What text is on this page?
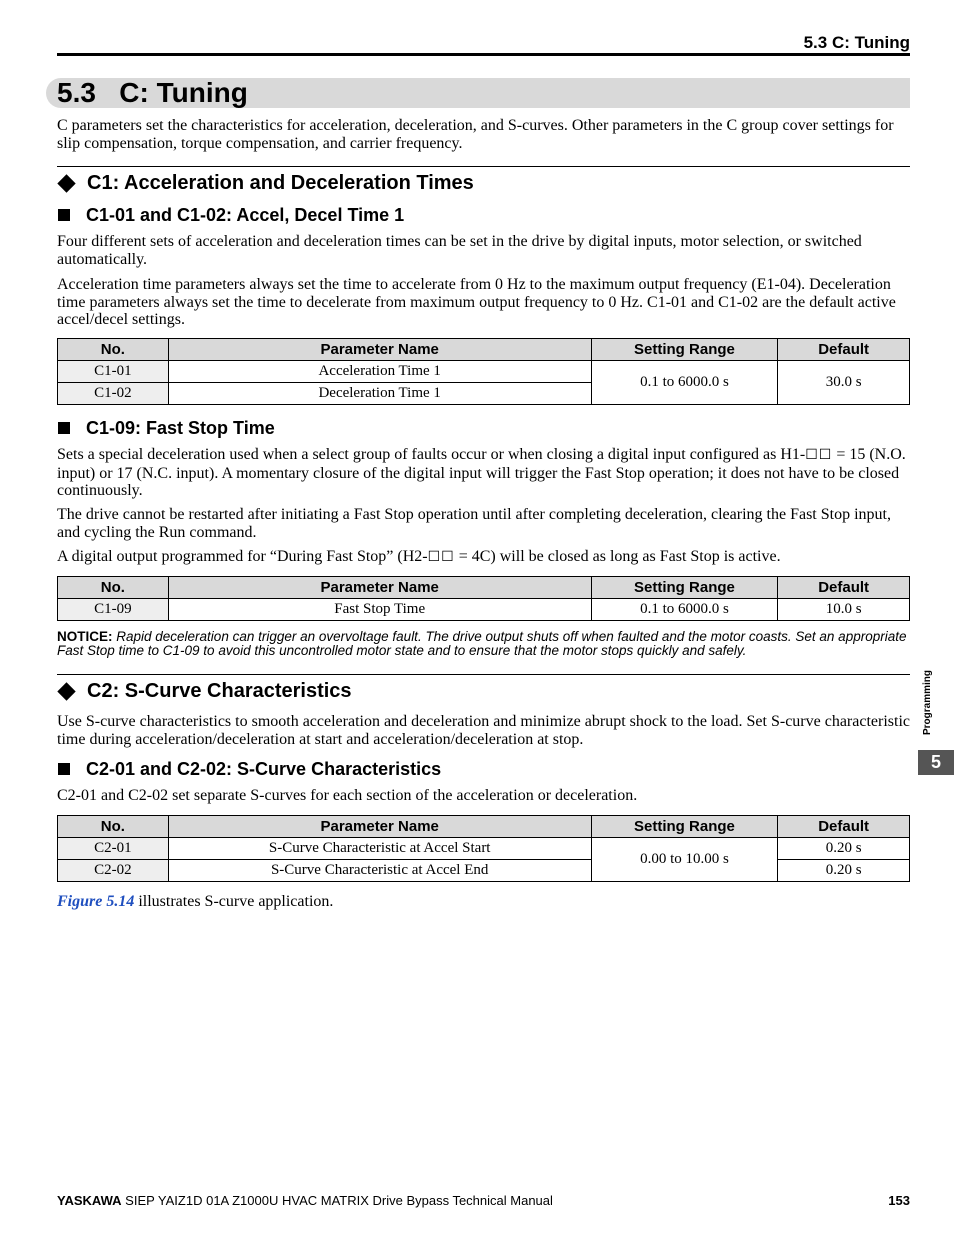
5.3 C: Tuning
5.3 C: Tuning
C parameters set the characteristics for acceleration, deceleration, and S-curves. Other parameters in the C group cover settings for slip compensation, torque compensation, and carrier frequency.
C1: Acceleration and Deceleration Times
C1-01 and C1-02: Accel, Decel Time 1
Four different sets of acceleration and deceleration times can be set in the drive by digital inputs, motor selection, or switched automatically.
Acceleration time parameters always set the time to accelerate from 0 Hz to the maximum output frequency (E1-04). Deceleration time parameters always set the time to decelerate from maximum output frequency to 0 Hz. C1-01 and C1-02 are the default active accel/decel settings.
No.	Parameter Name	Setting Range	Default
C1-01	Acceleration Time 1	0.1 to 6000.0 s	30.0 s
C1-02	Deceleration Time 1		
C1-09: Fast Stop Time
Sets a special deceleration used when a select group of faults occur or when closing a digital input configured as H1-☐☐ = 15 (N.O. input) or 17 (N.C. input). A momentary closure of the digital input will trigger the Fast Stop operation; it does not have to be closed continuously.
The drive cannot be restarted after initiating a Fast Stop operation until after completing deceleration, clearing the Fast Stop input, and cycling the Run command.
A digital output programmed for “During Fast Stop” (H2-☐☐ = 4C) will be closed as long as Fast Stop is active.
No.	Parameter Name	Setting Range	Default
C1-09	Fast Stop Time	0.1 to 6000.0 s	10.0 s
NOTICE: Rapid deceleration can trigger an overvoltage fault. The drive output shuts off when faulted and the motor coasts. Set an appropriate Fast Stop time to C1-09 to avoid this uncontrolled motor state and to ensure that the motor stops quickly and safely.
C2: S-Curve Characteristics
Use S-curve characteristics to smooth acceleration and deceleration and minimize abrupt shock to the load. Set S-curve characteristic time during acceleration/deceleration at start and acceleration/deceleration at stop.
C2-01 and C2-02: S-Curve Characteristics
C2-01 and C2-02 set separate S-curves for each section of the acceleration or deceleration.
No.	Parameter Name	Setting Range	Default
C2-01	S-Curve Characteristic at Accel Start	0.00 to 10.00 s	0.20 s
C2-02	S-Curve Characteristic at Accel End		0.20 s
Figure 5.14 illustrates S-curve application.
Programming
5
YASKAWA SIEP YAIZ1D 01A Z1000U HVAC MATRIX Drive Bypass Technical Manual	153
